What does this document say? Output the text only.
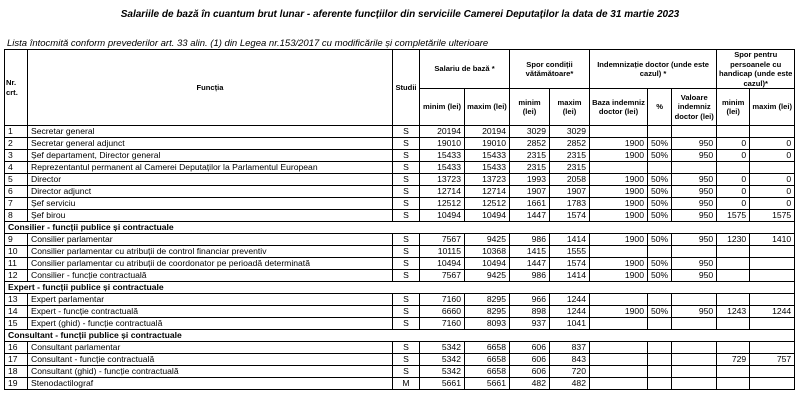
Salariile de bază în cuantum brut lunar - aferente funcțiilor din serviciile Camerei Deputaților la data de 31 martie 2023
Lista întocmită conform prevederilor art. 33 alin. (1) din Legea nr.153/2017 cu modificările și completările ulterioare
Nr. crt.	Funcția	Studii	Salariu de bază *		Spor condiții vătămătoare*		Indemnizație doctor (unde este cazul) *			Spor pentru persoanele cu handicap (unde este cazul)*	
			minim (lei)	maxim (lei)	minim (lei)	maxim (lei)	Baza indemniz doctor (lei)	%	Valoare indemniz doctor (lei)	minim (lei)	maxim (lei)
1	Secretar general	S	20194	20194	3029	3029					
2	Secretar general adjunct	S	19010	19010	2852	2852	1900	50%	950	0	0
3	Șef departament, Director general	S	15433	15433	2315	2315	1900	50%	950	0	0
4	Reprezentantul permanent al Camerei Deputaților la Parlamentul European	S	15433	15433	2315	2315					
5	Director	S	13723	13723	1993	2058	1900	50%	950	0	0
6	Director adjunct	S	12714	12714	1907	1907	1900	50%	950	0	0
7	Șef serviciu	S	12512	12512	1661	1783	1900	50%	950	0	0
8	Șef birou	S	10494	10494	1447	1574	1900	50%	950	1575	1575
Consilier - funcții publice și contractuale											
9	Consilier parlamentar	S	7567	9425	986	1414	1900	50%	950	1230	1410
10	Consilier parlamentar cu atribuții de control financiar preventiv	S	10115	10368	1415	1555					
11	Consilier parlamentar cu atribuții de coordonator pe perioadă determinată	S	10494	10494	1447	1574	1900	50%	950		
12	Consilier - funcție contractuală	S	7567	9425	986	1414	1900	50%	950		
Expert - funcții publice și contractuale											
13	Expert parlamentar	S	7160	8295	966	1244					
14	Expert - funcție contractuală	S	6660	8295	898	1244	1900	50%	950	1243	1244
15	Expert (ghid) - funcție contractuală	S	7160	8093	937	1041					
Consultant - funcții publice și contractuale											
16	Consultant parlamentar	S	5342	6658	606	837					
17	Consultant - funcție contractuală	S	5342	6658	606	843				729	757
18	Consultant (ghid) - funcție contractuală	S	5342	6658	606	720					
19	Stenodactilograf	M	5661	5661	482	482					
